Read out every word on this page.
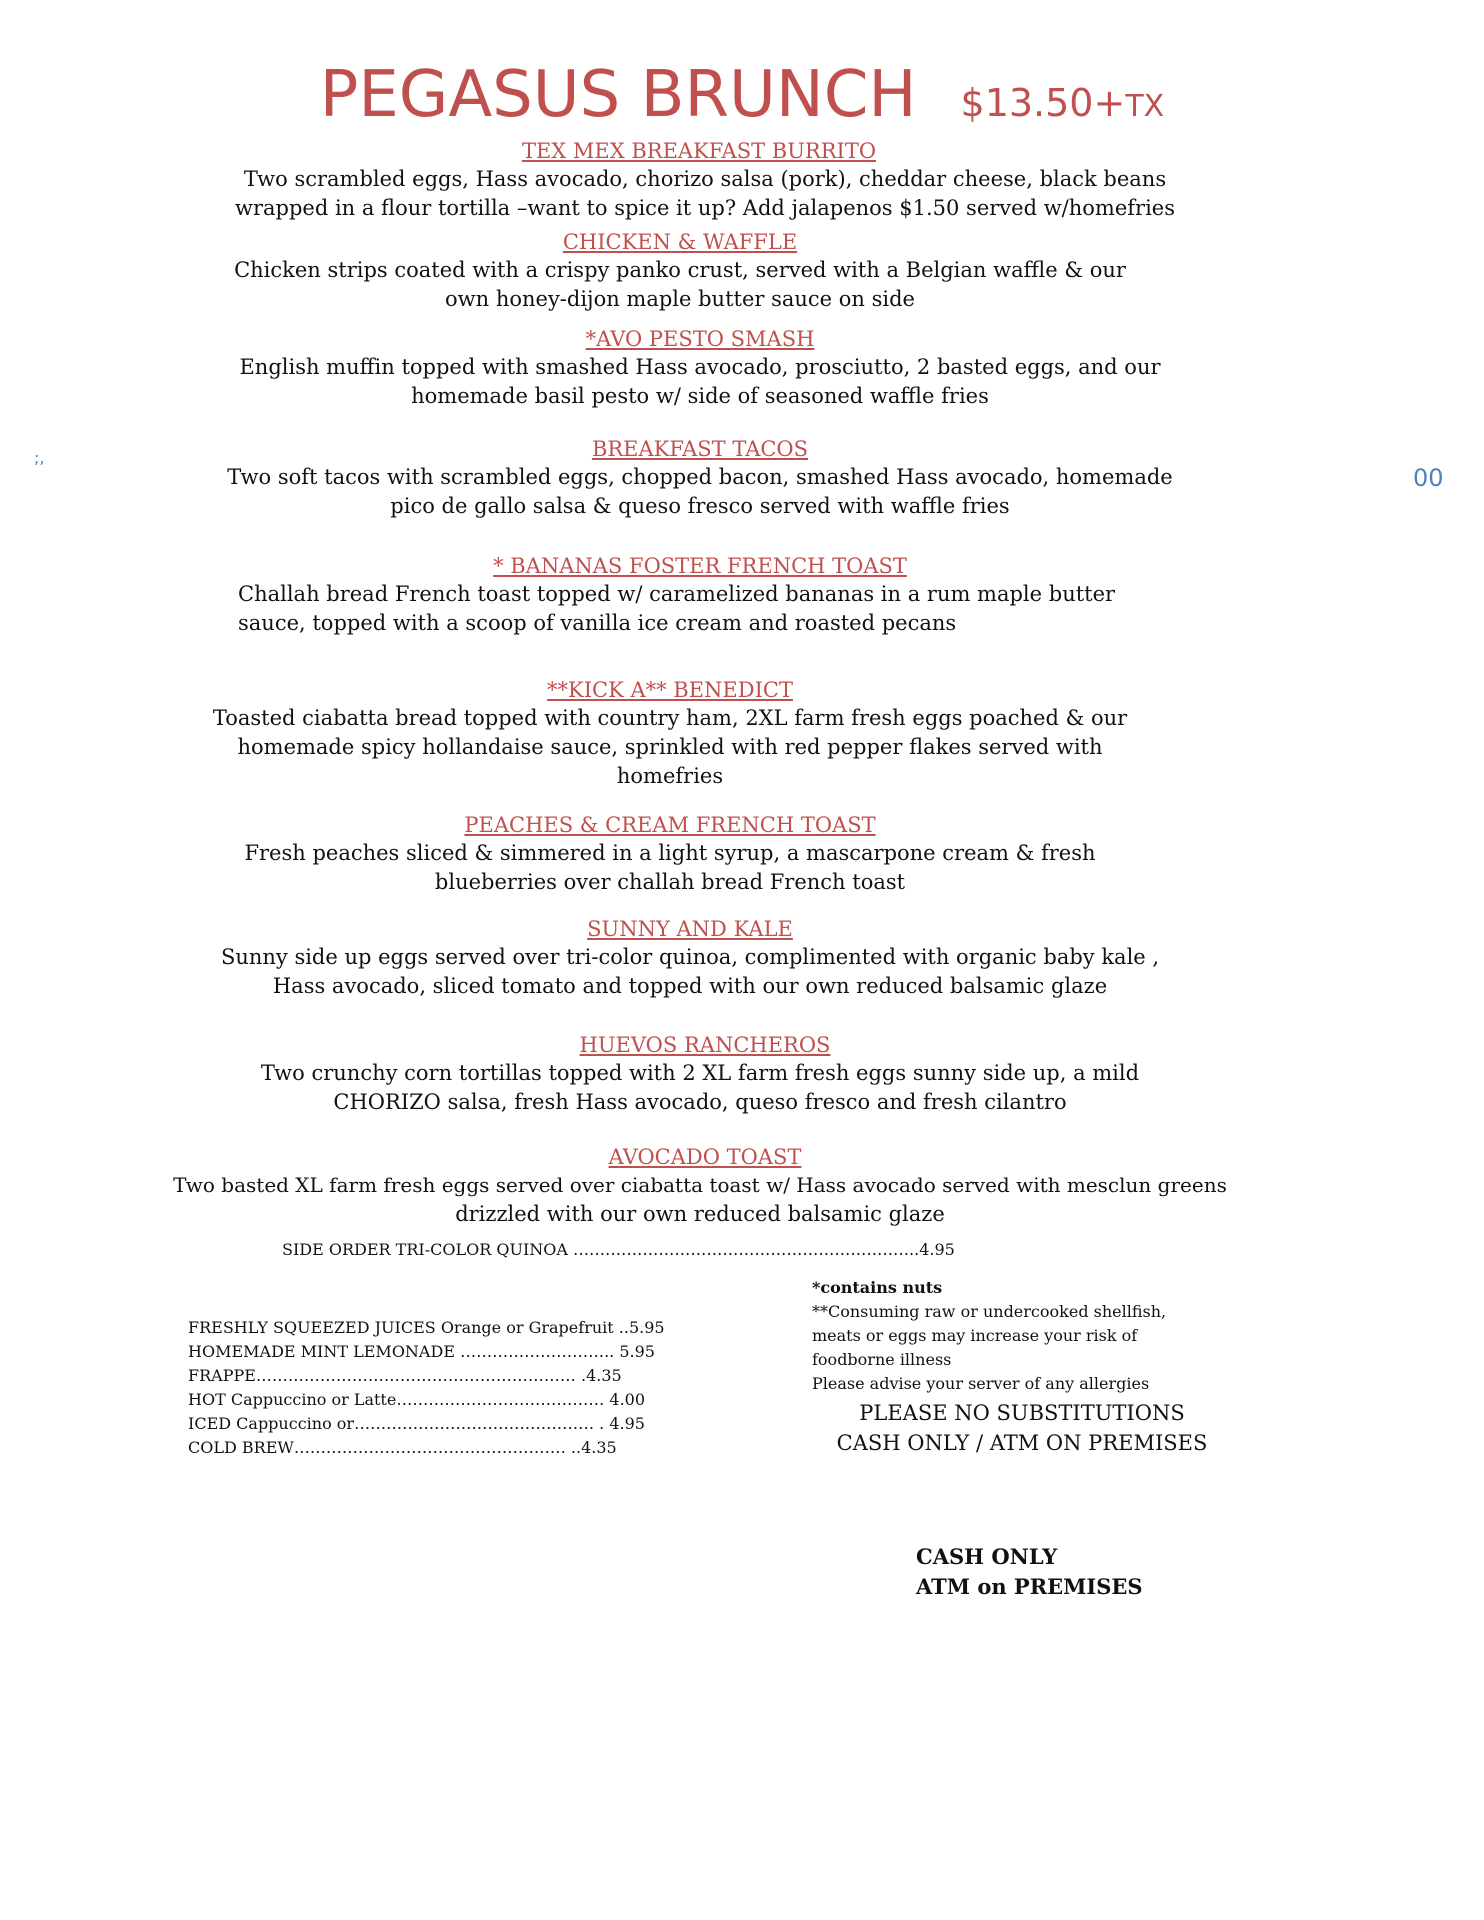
PEGASUS BRUNCH $13.50+TX
;,
00
TEX MEX BREAKFAST BURRITO
Two scrambled eggs, Hass avocado, chorizo salsa (pork), cheddar cheese, black beans
wrapped in a flour tortilla –want to spice it up? Add jalapenos $1.50 served w/homefries
CHICKEN & WAFFLE
Chicken strips coated with a crispy panko crust, served with a Belgian waffle & our
own honey-dijon maple butter sauce on side
*AVO PESTO SMASH
English muffin topped with smashed Hass avocado, prosciutto, 2 basted eggs, and our
homemade basil pesto w/ side of seasoned waffle fries
BREAKFAST TACOS
Two soft tacos with scrambled eggs, chopped bacon, smashed Hass avocado, homemade
pico de gallo salsa & queso fresco served with waffle fries
* BANANAS FOSTER FRENCH TOAST
Challah bread French toast topped w/ caramelized bananas in a rum maple butter
sauce, topped with a scoop of vanilla ice cream and roasted pecans
**KICK A** BENEDICT
Toasted ciabatta bread topped with country ham, 2XL farm fresh eggs poached & our
homemade spicy hollandaise sauce, sprinkled with red pepper flakes served with
homefries
PEACHES & CREAM FRENCH TOAST
Fresh peaches sliced & simmered in a light syrup, a mascarpone cream & fresh
blueberries over challah bread French toast
SUNNY AND KALE
Sunny side up eggs served over tri-color quinoa, complimented with organic baby kale ,
Hass avocado, sliced tomato and topped with our own reduced balsamic glaze
HUEVOS RANCHEROS
Two crunchy corn tortillas topped with 2 XL farm fresh eggs sunny side up, a mild
CHORIZO salsa, fresh Hass avocado, queso fresco and fresh cilantro
AVOCADO TOAST
Two basted XL farm fresh eggs served over ciabatta toast w/ Hass avocado served with mesclun greens
drizzled with our own reduced balsamic glaze
SIDE ORDER TRI-COLOR QUINOA ………………………………………………………..4.95
FRESHLY SQUEEZED JUICES Orange or Grapefruit ..5.95
HOMEMADE MINT LEMONADE ……………………….. 5.95
FRAPPE…………………………………………………… .4.35
HOT Cappuccino or Latte………………………………… 4.00
ICED Cappuccino or……………………………………… . 4.95
COLD BREW…………………………………………… ..4.35
*contains nuts
**Consuming raw or undercooked shellfish,
meats or eggs may increase your risk of
foodborne illness
Please advise your server of any allergies
PLEASE NO SUBSTITUTIONS
CASH ONLY / ATM ON PREMISES
CASH ONLY
ATM on PREMISES
